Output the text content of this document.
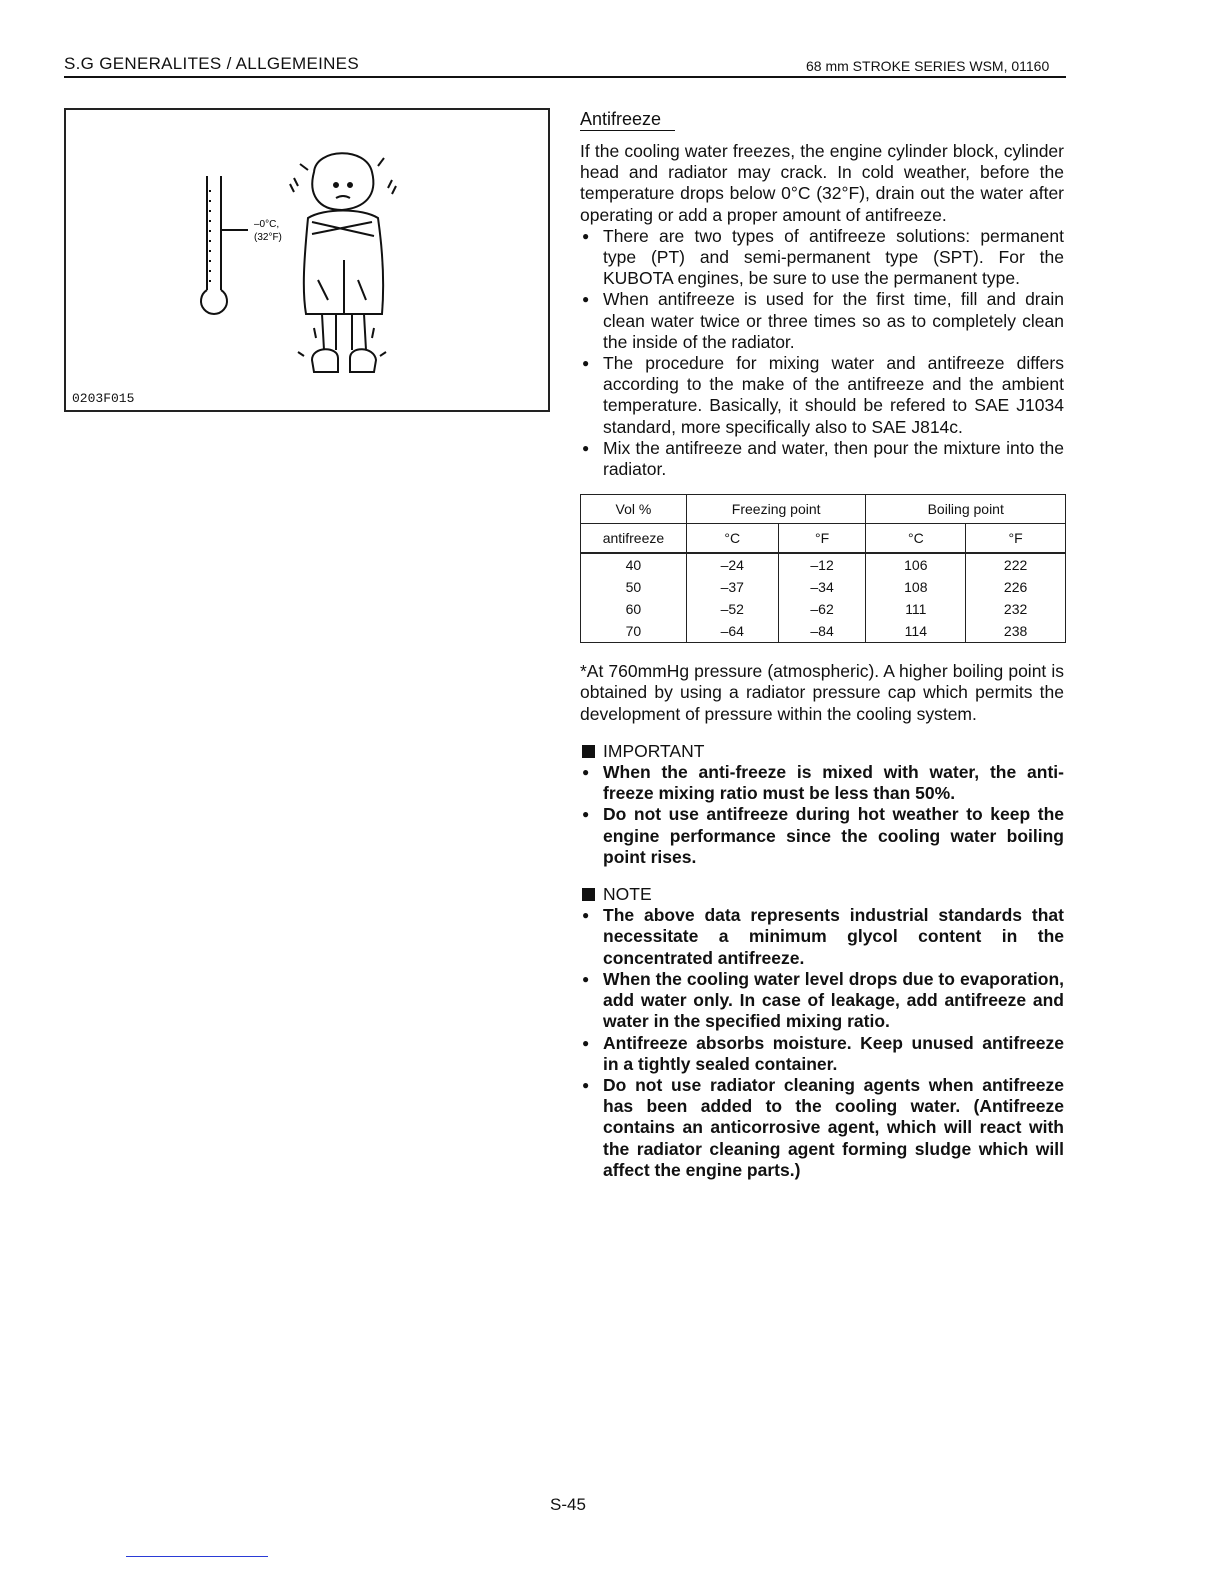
S.G GENERALITES / ALLGEMEINES	68 mm STROKE SERIES WSM, 01160
–0°C,
(32°F)
0203F015
Antifreeze

If the cooling water freezes, the engine cylinder block, cylinder head and radiator may crack. In cold weather, before the temperature drops below 0°C (32°F), drain out the water after operating or add a proper amount of antifreeze.

● There are two types of antifreeze solutions: permanent type (PT) and semi-permanent type (SPT). For the KUBOTA engines, be sure to use the permanent type.
● When antifreeze is used for the first time, fill and drain clean water twice or three times so as to completely clean the inside of the radiator.
● The procedure for mixing water and antifreeze differs according to the make of the antifreeze and the ambient temperature. Basically, it should be refered to SAE J1034 standard, more specifically also to SAE J814c.
● Mix the antifreeze and water, then pour the mixture into the radiator.
Vol %	Freezing point		Boiling point	
antifreeze	°C	°F	°C	°F
40	–24	–12	106	222
50	–37	–34	108	226
60	–52	–62	111	232
70	–64	–84	114	238

*At 760mmHg pressure (atmospheric). A higher boiling point is obtained by using a radiator pressure cap which permits the development of pressure within the cooling system.

IMPORTANT
● When the anti-freeze is mixed with water, the anti-freeze mixing ratio must be less than 50%.
● Do not use antifreeze during hot weather to keep the engine performance since the cooling water boiling point rises.
NOTE
● The above data represents industrial standards that necessitate a minimum glycol content in the concentrated antifreeze.
● When the cooling water level drops due to evaporation, add water only. In case of leakage, add antifreeze and water in the specified mixing ratio.
● Antifreeze absorbs moisture. Keep unused antifreeze in a tightly sealed container.
● Do not use radiator cleaning agents when antifreeze has been added to the cooling water. (Antifreeze contains an anticorrosive agent, which will react with the radiator cleaning agent forming sludge which will affect the engine parts.)
S-45
